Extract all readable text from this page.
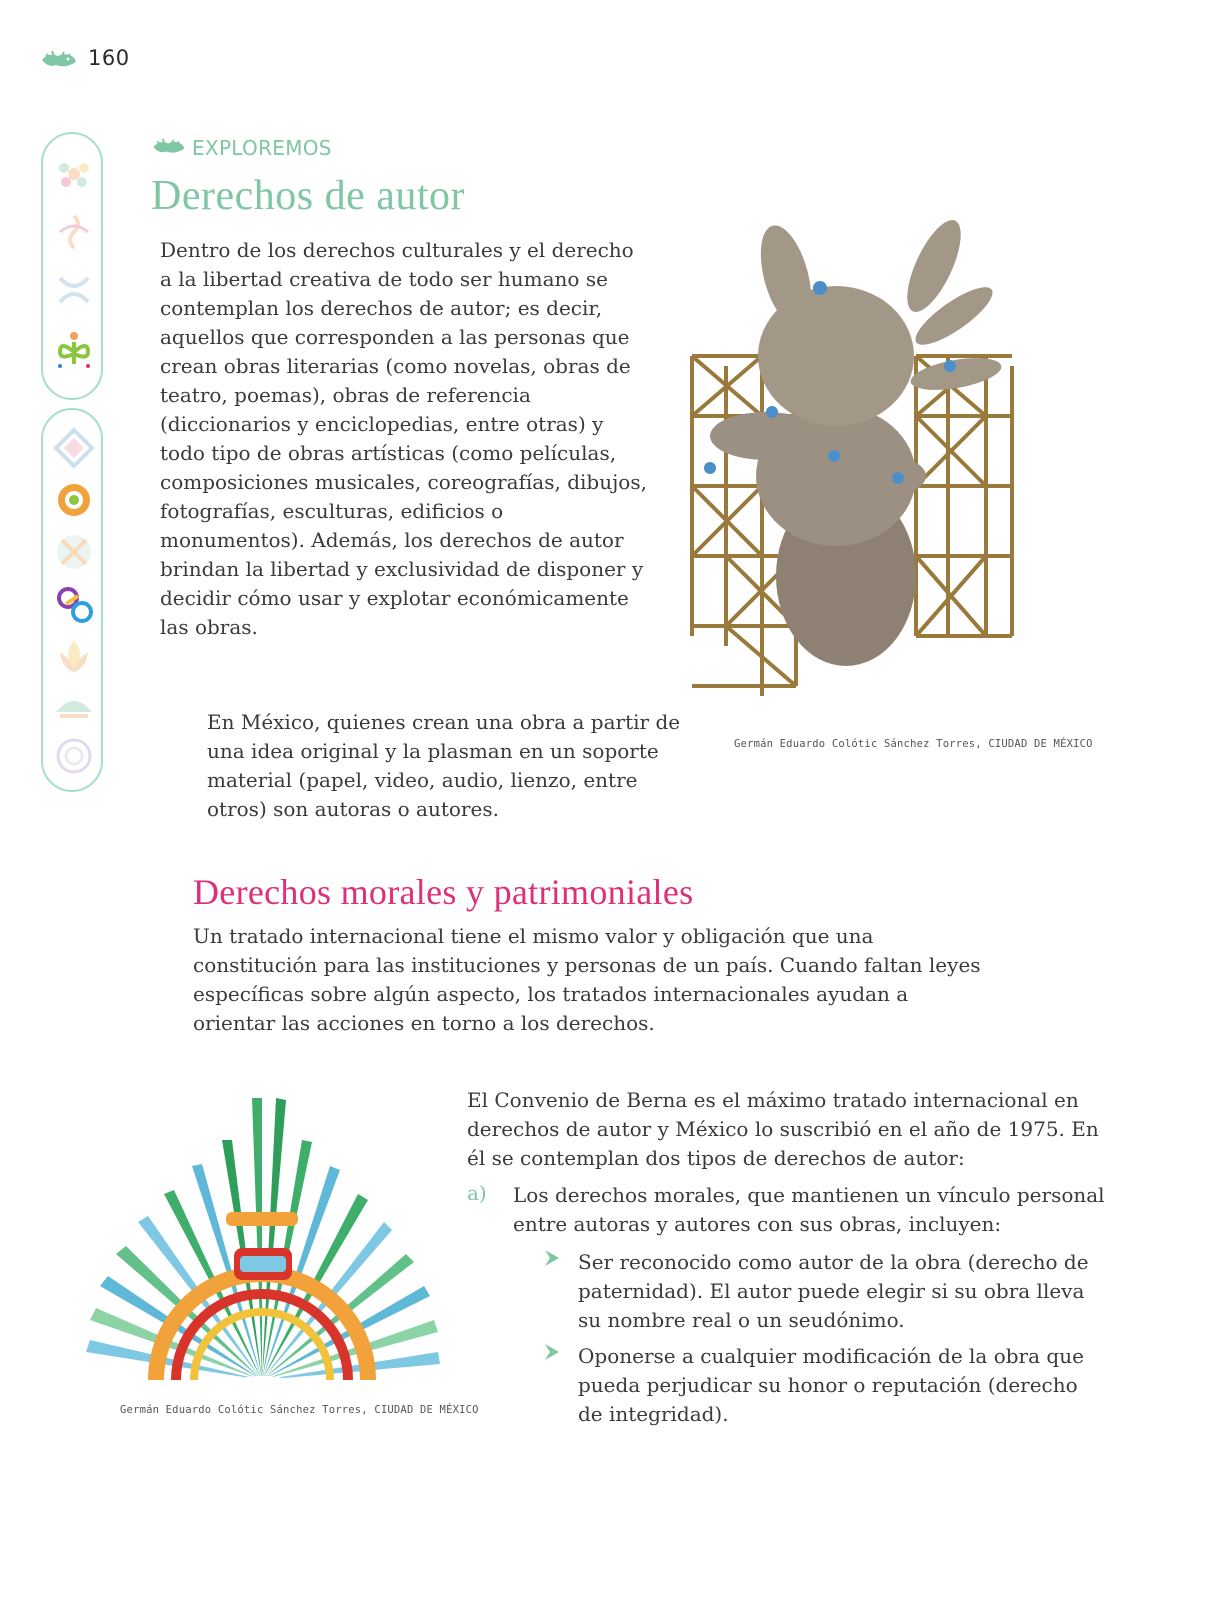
160
EXPLOREMOS
Derechos de autor

Dentro de los derechos culturales y el derecho a la libertad creativa de todo ser humano se contemplan los derechos de autor; es decir, aquellos que corresponden a las personas que crean obras literarias (como novelas, obras de teatro, poemas), obras de referencia (diccionarios y enciclopedias, entre otras) y todo tipo de obras artísticas (como películas, composiciones musicales, coreografías, dibujos, fotografías, esculturas, edificios o monumentos). Además, los derechos de autor brindan la libertad y exclusividad de disponer y decidir cómo usar y explotar económicamente las obras.

Germán Eduardo Colótic Sánchez Torres, CIUDAD DE MÉXICO

En México, quienes crean una obra a partir de una idea original y la plasman en un soporte material (papel, video, audio, lienzo, entre otros) son autoras o autores.

Derechos morales y patrimoniales

Un tratado internacional tiene el mismo valor y obligación que una constitución para las instituciones y personas de un país. Cuando faltan leyes específicas sobre algún aspecto, los tratados internacionales ayudan a orientar las acciones en torno a los derechos.

Germán Eduardo Colótic Sánchez Torres, CIUDAD DE MÉXICO

El Convenio de Berna es el máximo tratado internacional en derechos de autor y México lo suscribió en el año de 1975. En él se contemplan dos tipos de derechos de autor:

a) Los derechos morales, que mantienen un vínculo personal entre autoras y autores con sus obras, incluyen:
Ser reconocido como autor de la obra (derecho de paternidad). El autor puede elegir si su obra lleva su nombre real o un seudónimo.
Oponerse a cualquier modificación de la obra que pueda perjudicar su honor o reputación (derecho de integridad).
